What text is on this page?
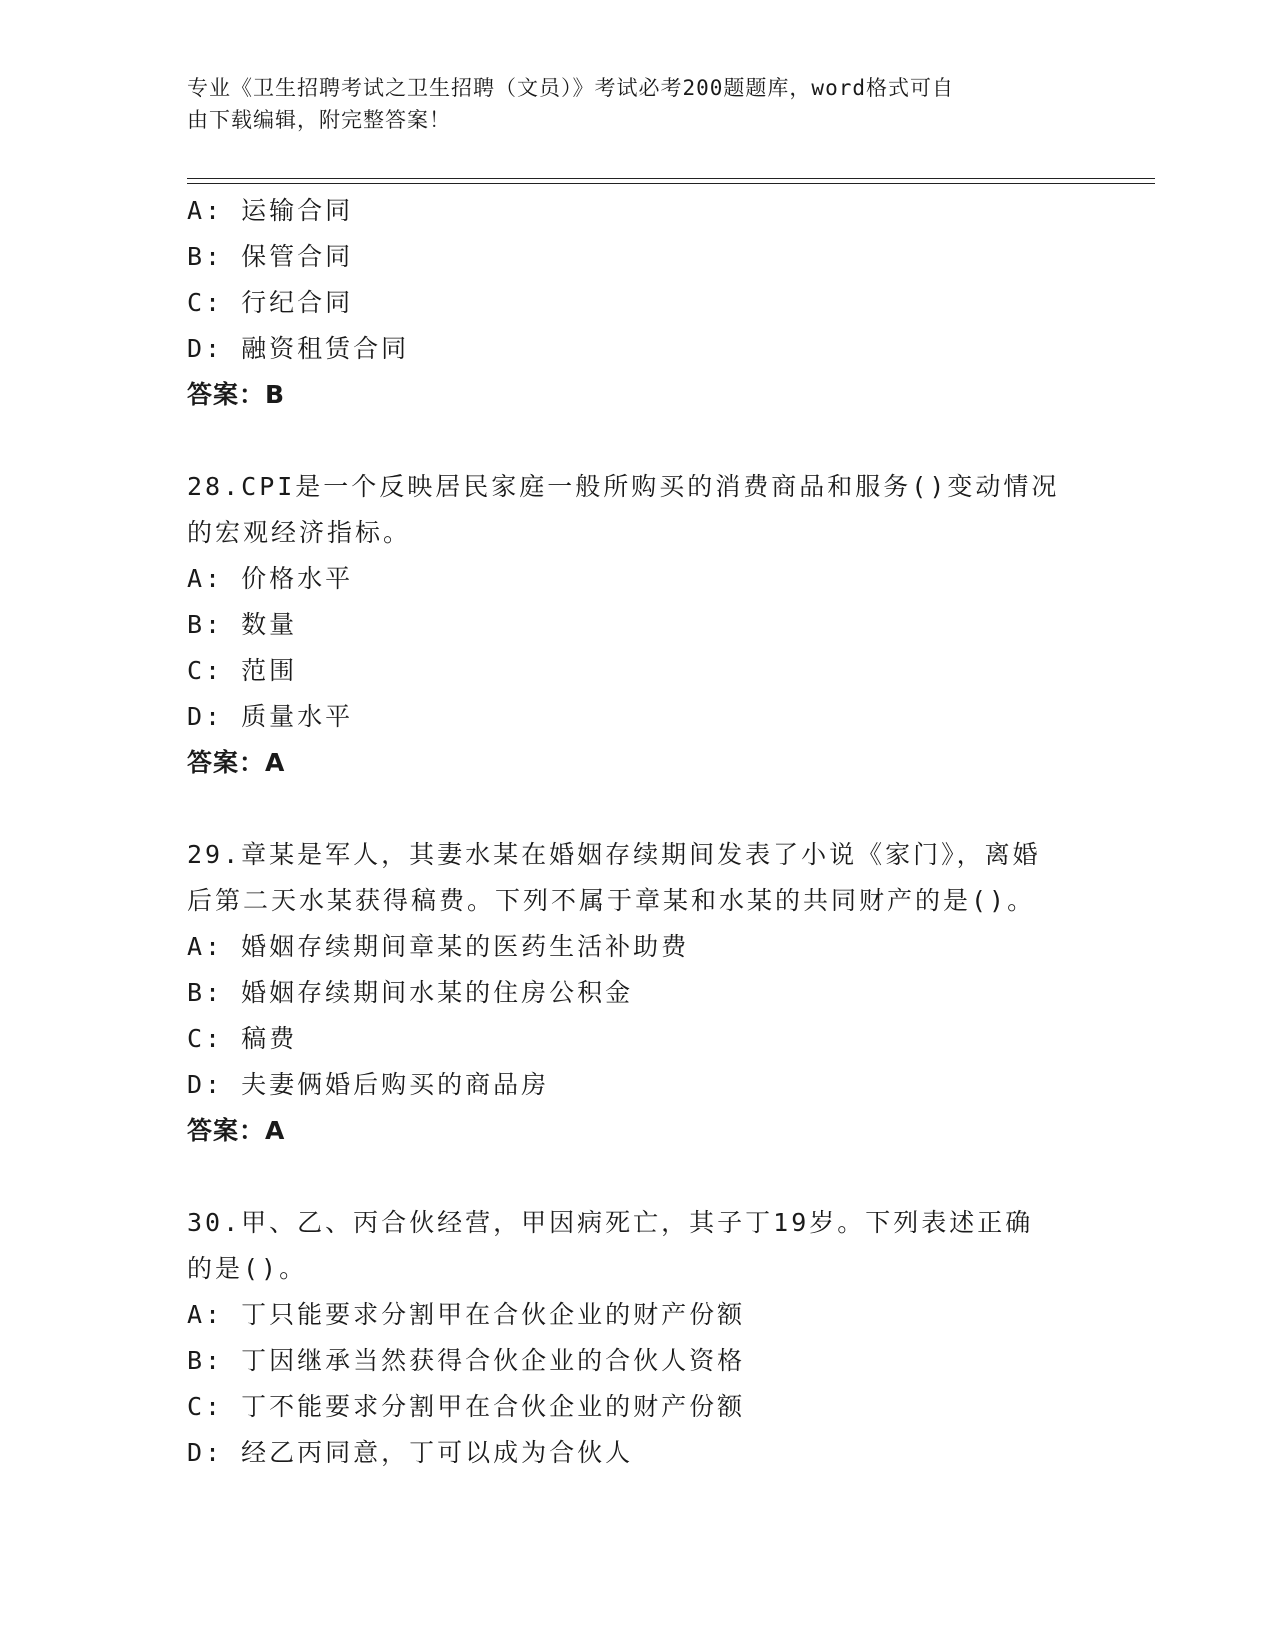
专业《卫生招聘考试之卫生招聘（文员）》考试必考200题题库，word格式可自
由下载编辑，附完整答案！
A: 运输合同
B: 保管合同
C: 行纪合同
D: 融资租赁合同
答案：B
28.CPI是一个反映居民家庭一般所购买的消费商品和服务()变动情况
的宏观经济指标。
A: 价格水平
B: 数量
C: 范围
D: 质量水平
答案：A
29.章某是军人，其妻水某在婚姻存续期间发表了小说《家门》，离婚
后第二天水某获得稿费。下列不属于章某和水某的共同财产的是()。
A: 婚姻存续期间章某的医药生活补助费
B: 婚姻存续期间水某的住房公积金
C: 稿费
D: 夫妻俩婚后购买的商品房
答案：A
30.甲、乙、丙合伙经营，甲因病死亡，其子丁19岁。下列表述正确
的是()。
A: 丁只能要求分割甲在合伙企业的财产份额
B: 丁因继承当然获得合伙企业的合伙人资格
C: 丁不能要求分割甲在合伙企业的财产份额
D: 经乙丙同意，丁可以成为合伙人
